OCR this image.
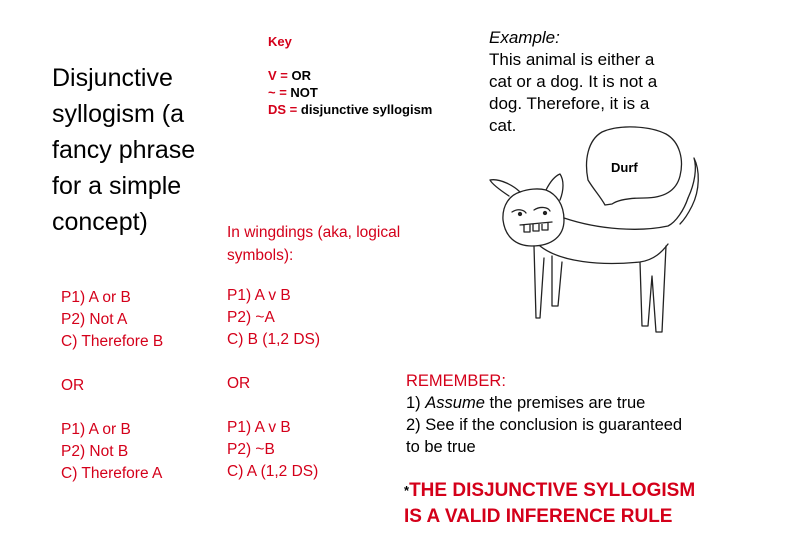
Disjunctive
syllogism (a
fancy phrase
for a simple
concept)
Key
V = OR
~ = NOT
DS = disjunctive syllogism
Example:
This animal is either a
cat or a dog. It is not a
dog. Therefore, it is a
cat.
Durf
In wingdings (aka, logical
symbols):
P1) A or B
P2) Not A
C) Therefore B
OR
P1) A or B
P2) Not B
C) Therefore A
P1) A v B
P2) ~A
C) B (1,2 DS)
OR
P1) A v B
P2) ~B
C) A (1,2 DS)
REMEMBER:
1) Assume the premises are true
2) See if the conclusion is guaranteed
to be true
*THE DISJUNCTIVE SYLLOGISM
IS A VALID INFERENCE RULE
